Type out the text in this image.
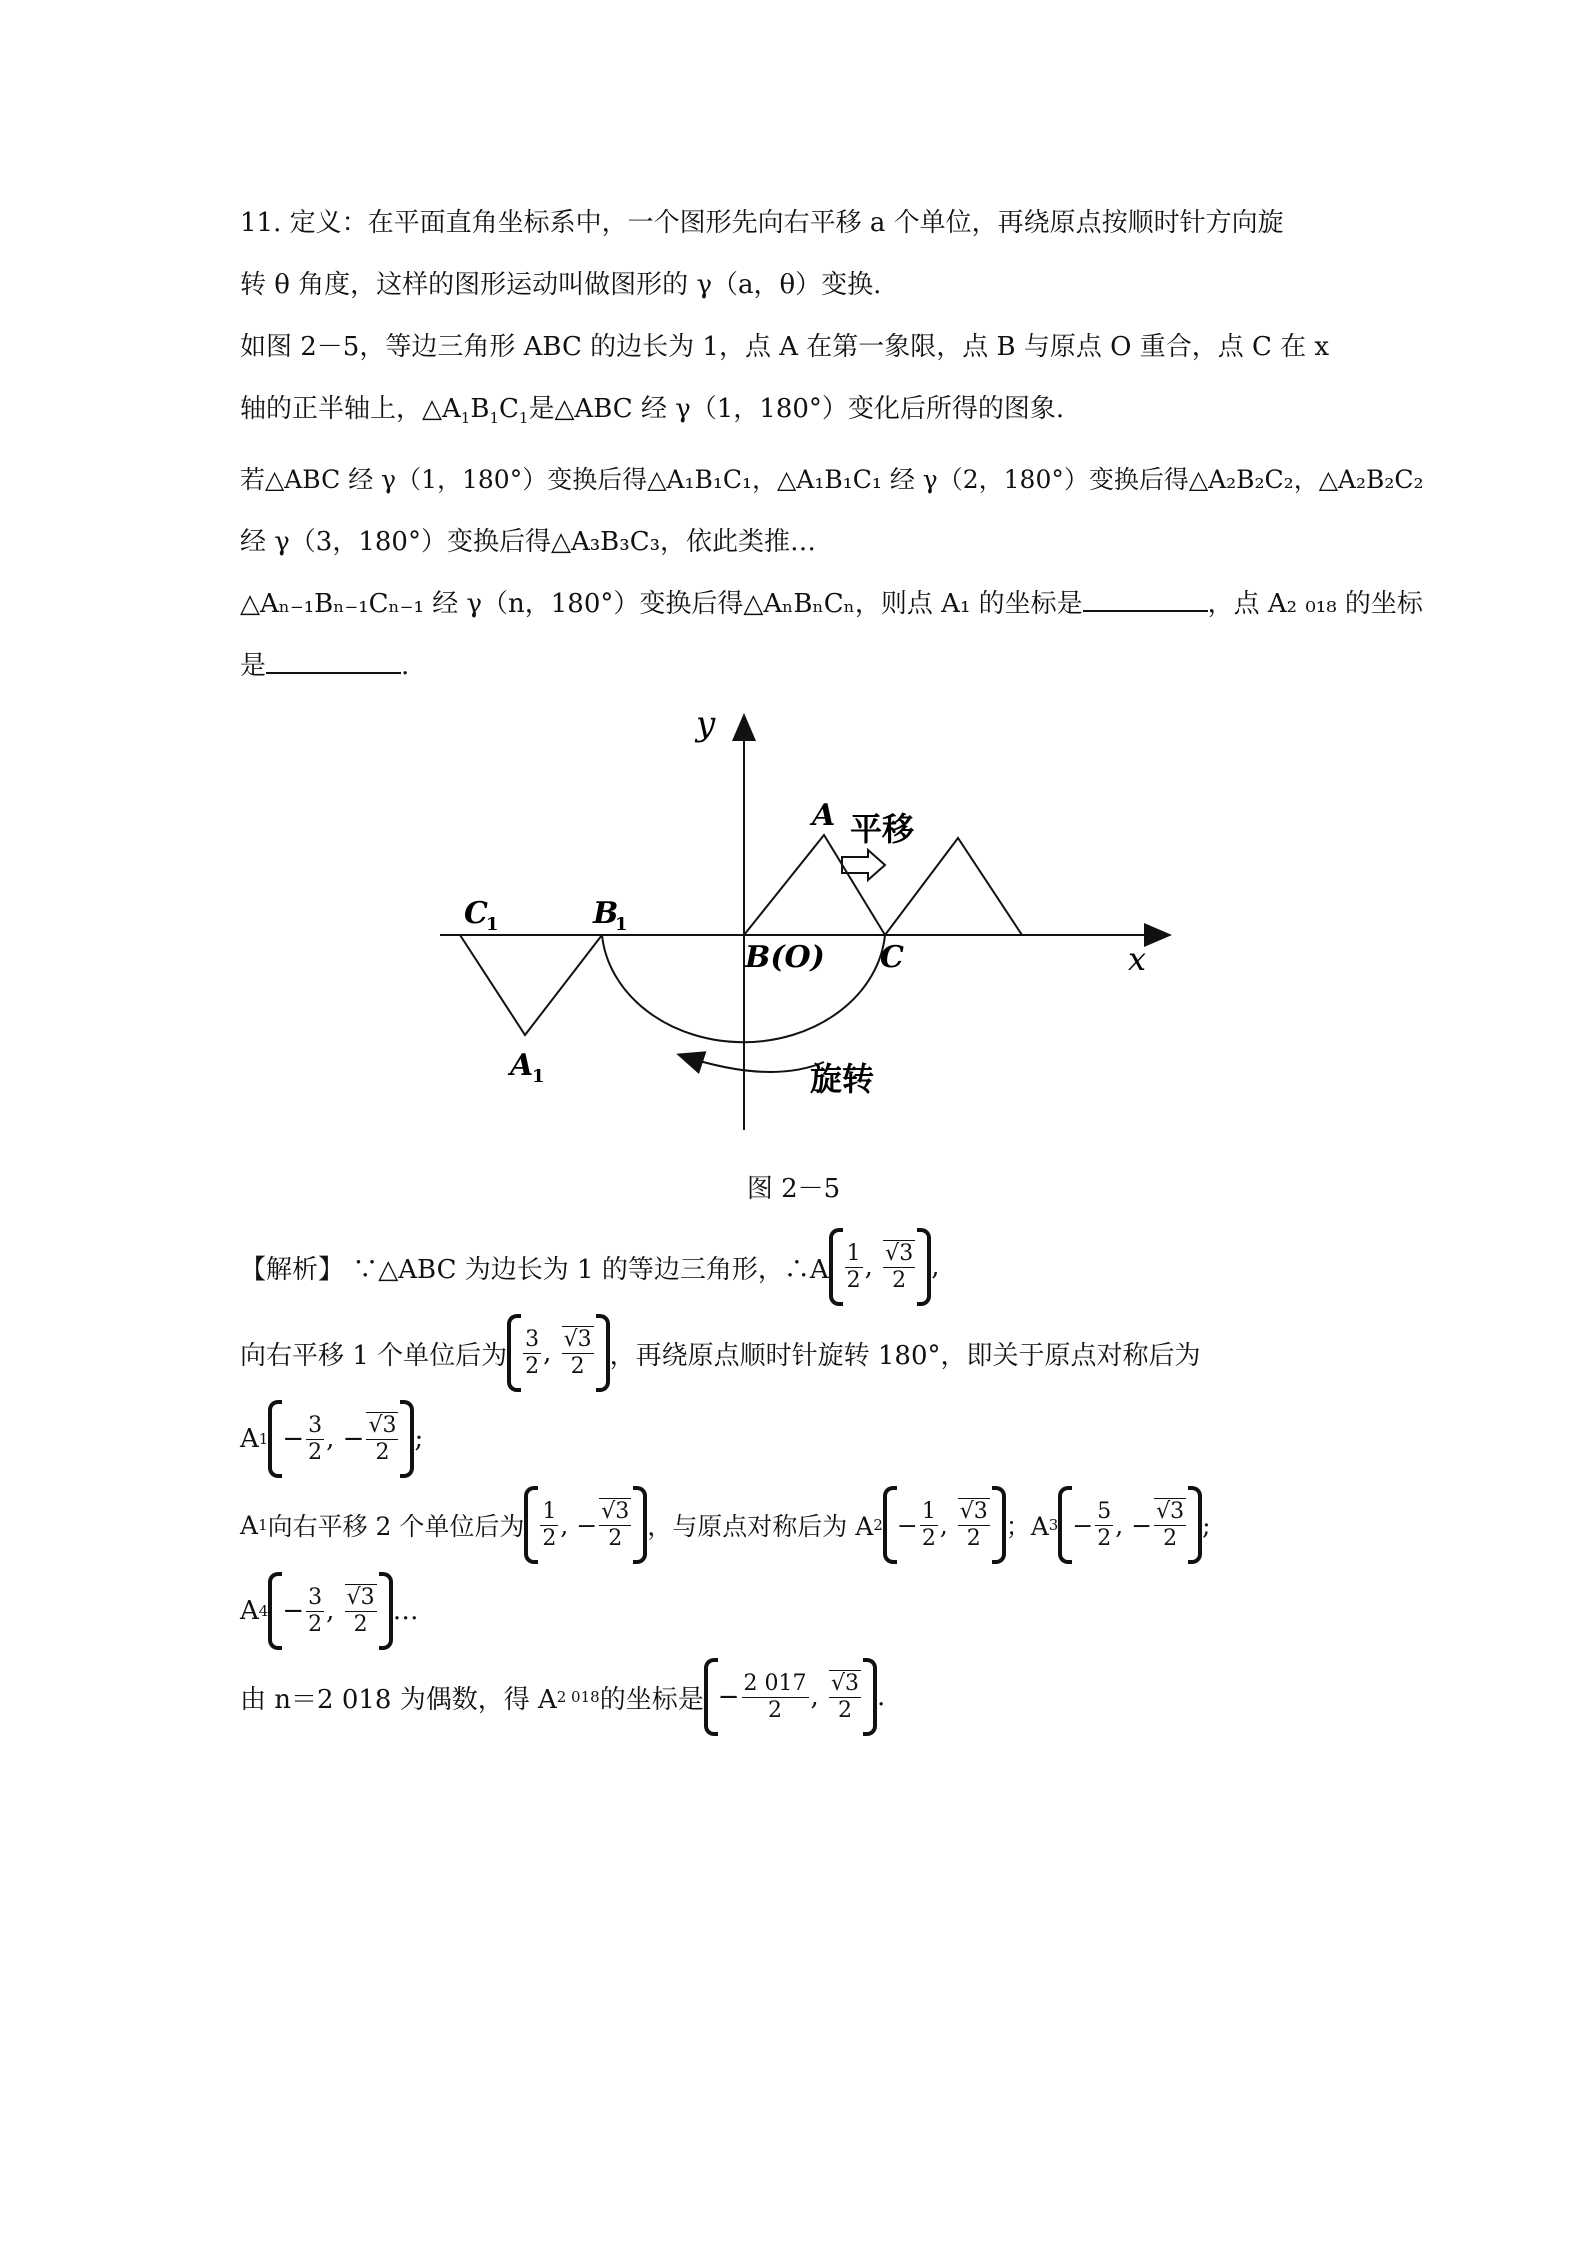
11. 定义：在平面直角坐标系中，一个图形先向右平移 a 个单位，再绕原点按顺时针方向旋
转 θ 角度，这样的图形运动叫做图形的 γ（a，θ）变换.
如图 2－5，等边三角形 ABC 的边长为 1，点 A 在第一象限，点 B 与原点 O 重合，点 C 在 x
轴的正半轴上，$\triangle A_1B_1C_1$是△ABC 经 γ（1，180°）变化后所得的图象.
若△ABC 经 γ（1，180°）变换后得△A₁B₁C₁，△A₁B₁C₁ 经 γ（2，180°）变换后得△A₂B₂C₂，△A₂B₂C₂
经 γ（3，180°）变换后得△A₃B₃C₃，依此类推…
△Aₙ₋₁Bₙ₋₁Cₙ₋₁ 经 γ（n，180°）变换后得△AₙBₙCₙ，则点 A₁ 的坐标是	，点 A₂ ₀₁₈ 的坐标
是	.
y
x
A
C
1	B
1
A
1
B(O) C
平移
旋转
图 2－5
【解析】 ∵△ABC 为边长为 1 的等边三角形，∴A $\frac{1}{2}$ ,
$\frac{√3}{2}$ ,
向右平移 1 个单位后为 $\frac{3}{2}$ ,
$\frac{√3}{2}$ ，再绕原点顺时针旋转 180°，即关于原点对称后为
A $1 - \frac{3}{2}$ ,
− $\frac{√3}{2}$ ;
A 1 向右平移 2 个单位后为 $\frac{1}{2}$ ,
− $\frac{√3}{2}$ ，与原点对称后为 A $2 - \frac{1}{2}$ ,
$\frac{√3}{2}$ ；A $3 - \frac{5}{2}$ ,
− $\frac{√3}{2}$ ;
A $4 - \frac{3}{2}$ ,
$\frac{√3}{2}$ …
由 n＝2 018 为偶数，得 A 2 018 的坐标是 − $\frac{2 017}{2}$ ,
$\frac{√3}{2}$ .
